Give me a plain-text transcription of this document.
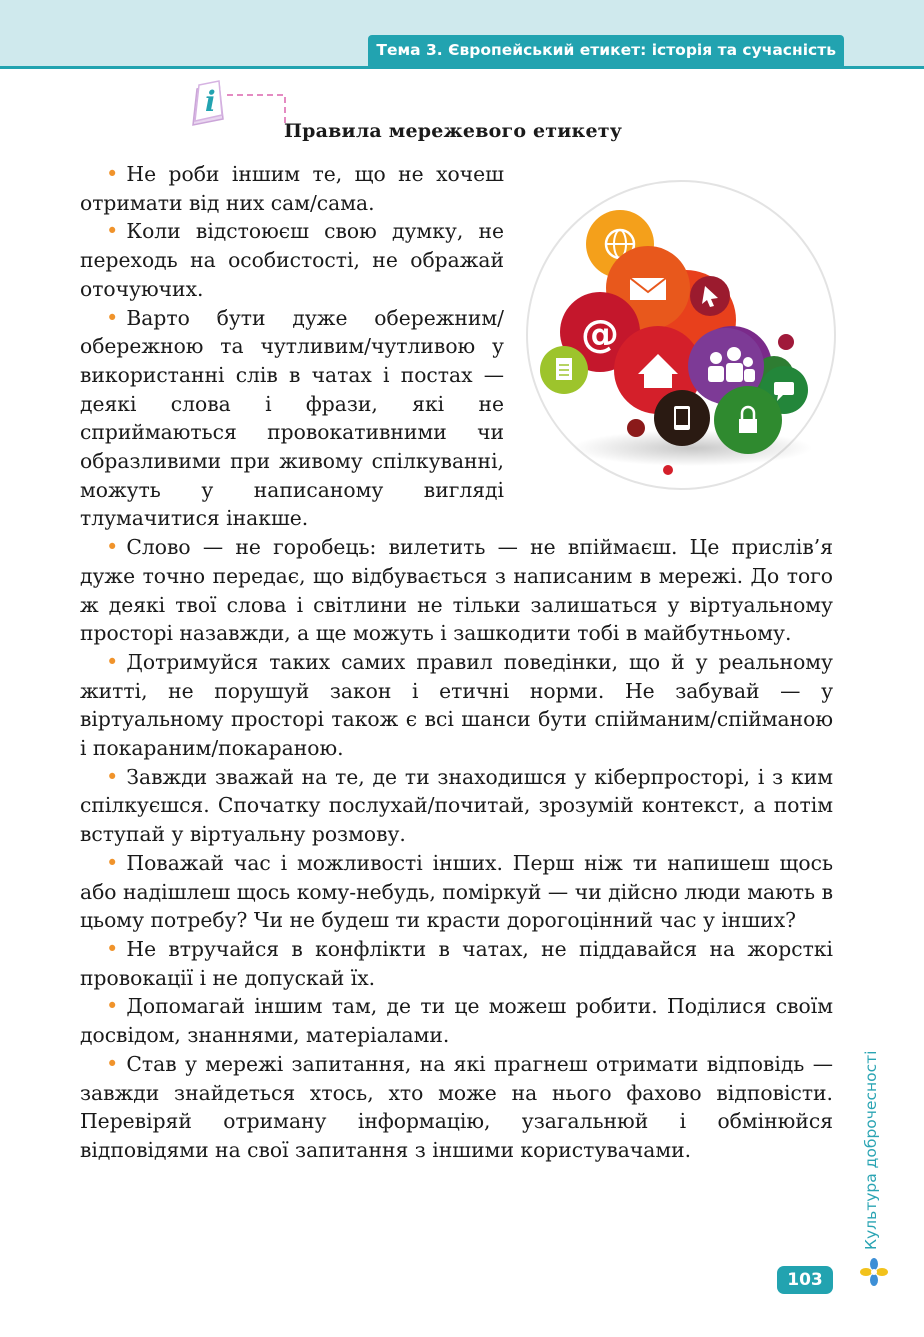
Тема 3. Європейський етикет: історія та сучасність
i
Правила мережевого етикету
@

• Не роби іншим те, що не хочеш отримати від них сам/сама.

• Коли відстоюєш свою думку, не переходь на особистості, не ображай оточуючих.

• Варто бути дуже обережним/обережною та чутливим/чутливою у використанні слів в чатах і постах — деякі слова і фрази, які не сприймаються провокативними чи образливими при живому спілкуванні, можуть у написаному вигляді тлумачитися інакше.

• Слово — не горобець: вилетить — не впіймаєш. Це прислів’я дуже точно передає, що відбувається з написаним в мережі. До того ж деякі твої слова і світлини не тільки залишаться у віртуальному просторі назавжди, а ще можуть і зашкодити тобі в майбутньому.

• Дотримуйся таких самих правил поведінки, що й у реальному житті, не порушуй закон і етичні норми. Не забувай — у віртуальному просторі також є всі шанси бути спійманим/спійманою і покараним/покараною.

• Завжди зважай на те, де ти знаходишся у кіберпросторі, і з ким спілкуєшся. Спочатку послухай/почитай, зрозумій контекст, а потім вступай у віртуальну розмову.

• Поважай час і можливості інших. Перш ніж ти напишеш щось або надішлеш щось кому-небудь, поміркуй — чи дійсно люди мають в цьому потребу? Чи не будеш ти красти дорогоцінний час у інших?

• Не втручайся в конфлікти в чатах, не піддавайся на жорсткі провокації і не допускай їх.

• Допомагай іншим там, де ти це можеш робити. Поділися своїм досвідом, знаннями, матеріалами.

• Став у мережі запитання, на які прагнеш отримати відповідь — завжди знайдеться хтось, хто може на нього фахово відповісти. Перевіряй отриману інформацію, узагальнюй і обмінюйся відповідями на свої запитання з іншими користувачами.	Культура доброчесності
103
